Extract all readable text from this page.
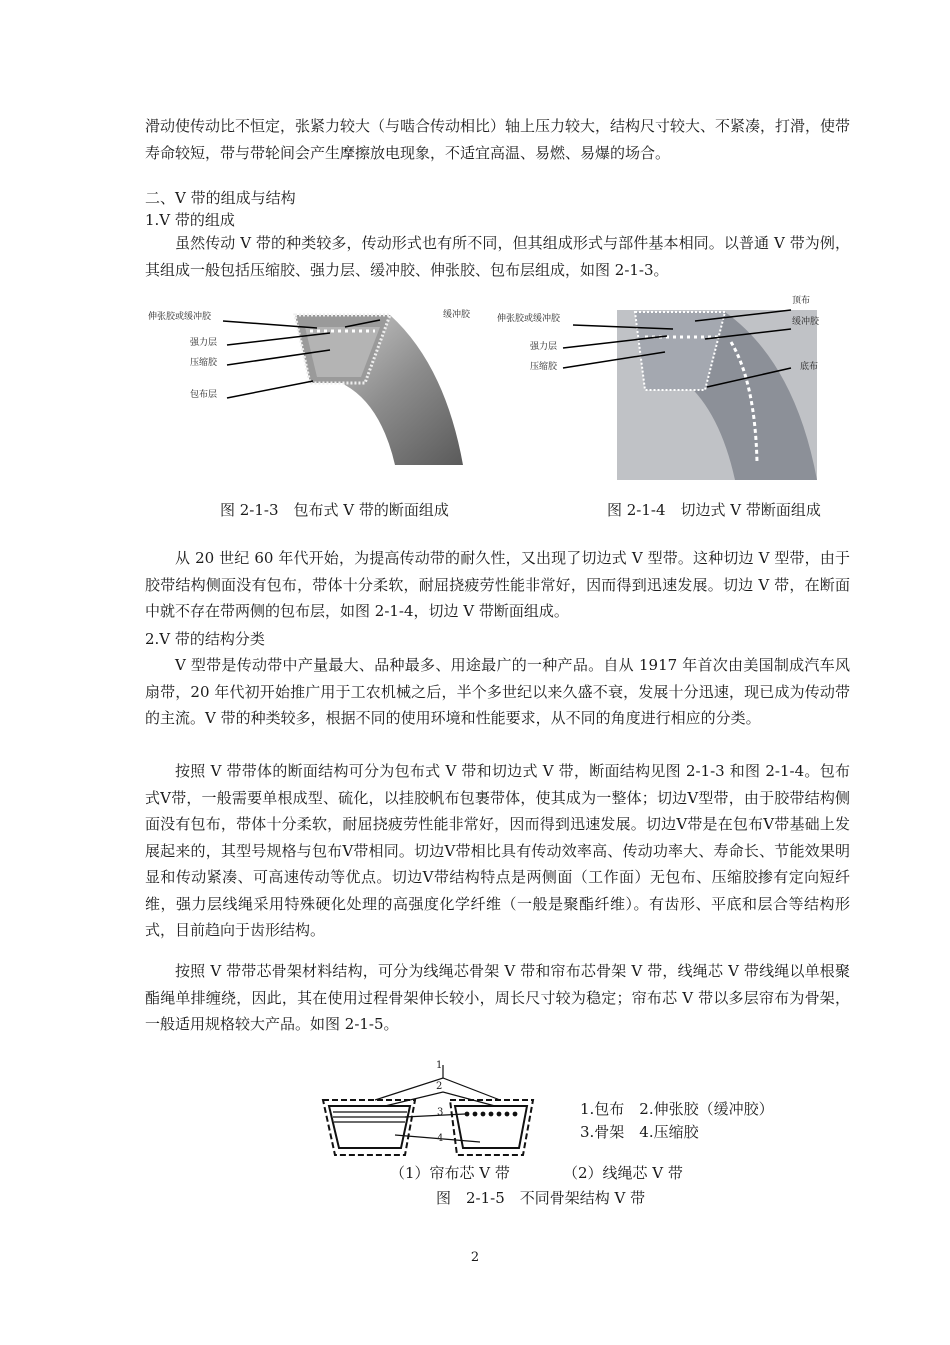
滑动使传动比不恒定，张紧力较大（与啮合传动相比）轴上压力较大，结构尺寸较大、不紧凑，打滑，使带寿命较短，带与带轮间会产生摩擦放电现象，不适宜高温、易燃、易爆的场合。

二、V 带的组成与结构

1.V 带的组成

虽然传动 V 带的种类较多，传动形式也有所不同，但其组成形式与部件基本相同。以普通 V 带为例，其组成一般包括压缩胶、强力层、缓冲胶、伸张胶、包布层组成，如图 2-1-3。

伸张胶或缓冲胶	缓冲胶
强力层
压缩胶
包布层
图 2-1-3　包布式 V 带的断面组成
顶布
伸张胶或缓冲胶	缓冲胶
强力层
压缩胶	底布
图 2-1-4　切边式 V 带断面组成

从 20 世纪 60 年代开始，为提高传动带的耐久性，又出现了切边式 V 型带。这种切边 V 型带，由于胶带结构侧面没有包布，带体十分柔软，耐屈挠疲劳性能非常好，因而得到迅速发展。切边 V 带，在断面中就不存在带两侧的包布层，如图 2-1-4，切边 V 带断面组成。

2.V 带的结构分类

V 型带是传动带中产量最大、品种最多、用途最广的一种产品。自从 1917 年首次由美国制成汽车风扇带，20 年代初开始推广用于工农机械之后，半个多世纪以来久盛不衰，发展十分迅速，现已成为传动带的主流。V 带的种类较多，根据不同的使用环境和性能要求，从不同的角度进行相应的分类。

按照 V 带带体的断面结构可分为包布式 V 带和切边式 V 带，断面结构见图 2-1-3 和图 2-1-4。包布式V带，一般需要单根成型、硫化，以挂胶帆布包裹带体，使其成为一整体；切边V型带，由于胶带结构侧面没有包布，带体十分柔软，耐屈挠疲劳性能非常好，因而得到迅速发展。切边V带是在包布V带基础上发展起来的，其型号规格与包布V带相同。切边V带相比具有传动效率高、传动功率大、寿命长、节能效果明显和传动紧凑、可高速传动等优点。切边V带结构特点是两侧面（工作面）无包布、压缩胶掺有定向短纤维，强力层线绳采用特殊硬化处理的高强度化学纤维（一般是聚酯纤维）。有齿形、平底和层合等结构形式，目前趋向于齿形结构。

按照 V 带带芯骨架材料结构，可分为线绳芯骨架 V 带和帘布芯骨架 V 带，线绳芯 V 带线绳以单根聚酯绳单排缠绕，因此，其在使用过程骨架伸长较小，周长尺寸较为稳定；帘布芯 V 带以多层帘布为骨架，一般适用规格较大产品。如图 2-1-5。

1
2
3
4
1.包布　2.伸张胶（缓冲胶）
3.骨架　4.压缩胶
（1）帘布芯 V 带	（2）线绳芯 V 带
图　2-1-5　不同骨架结构 V 带
2
